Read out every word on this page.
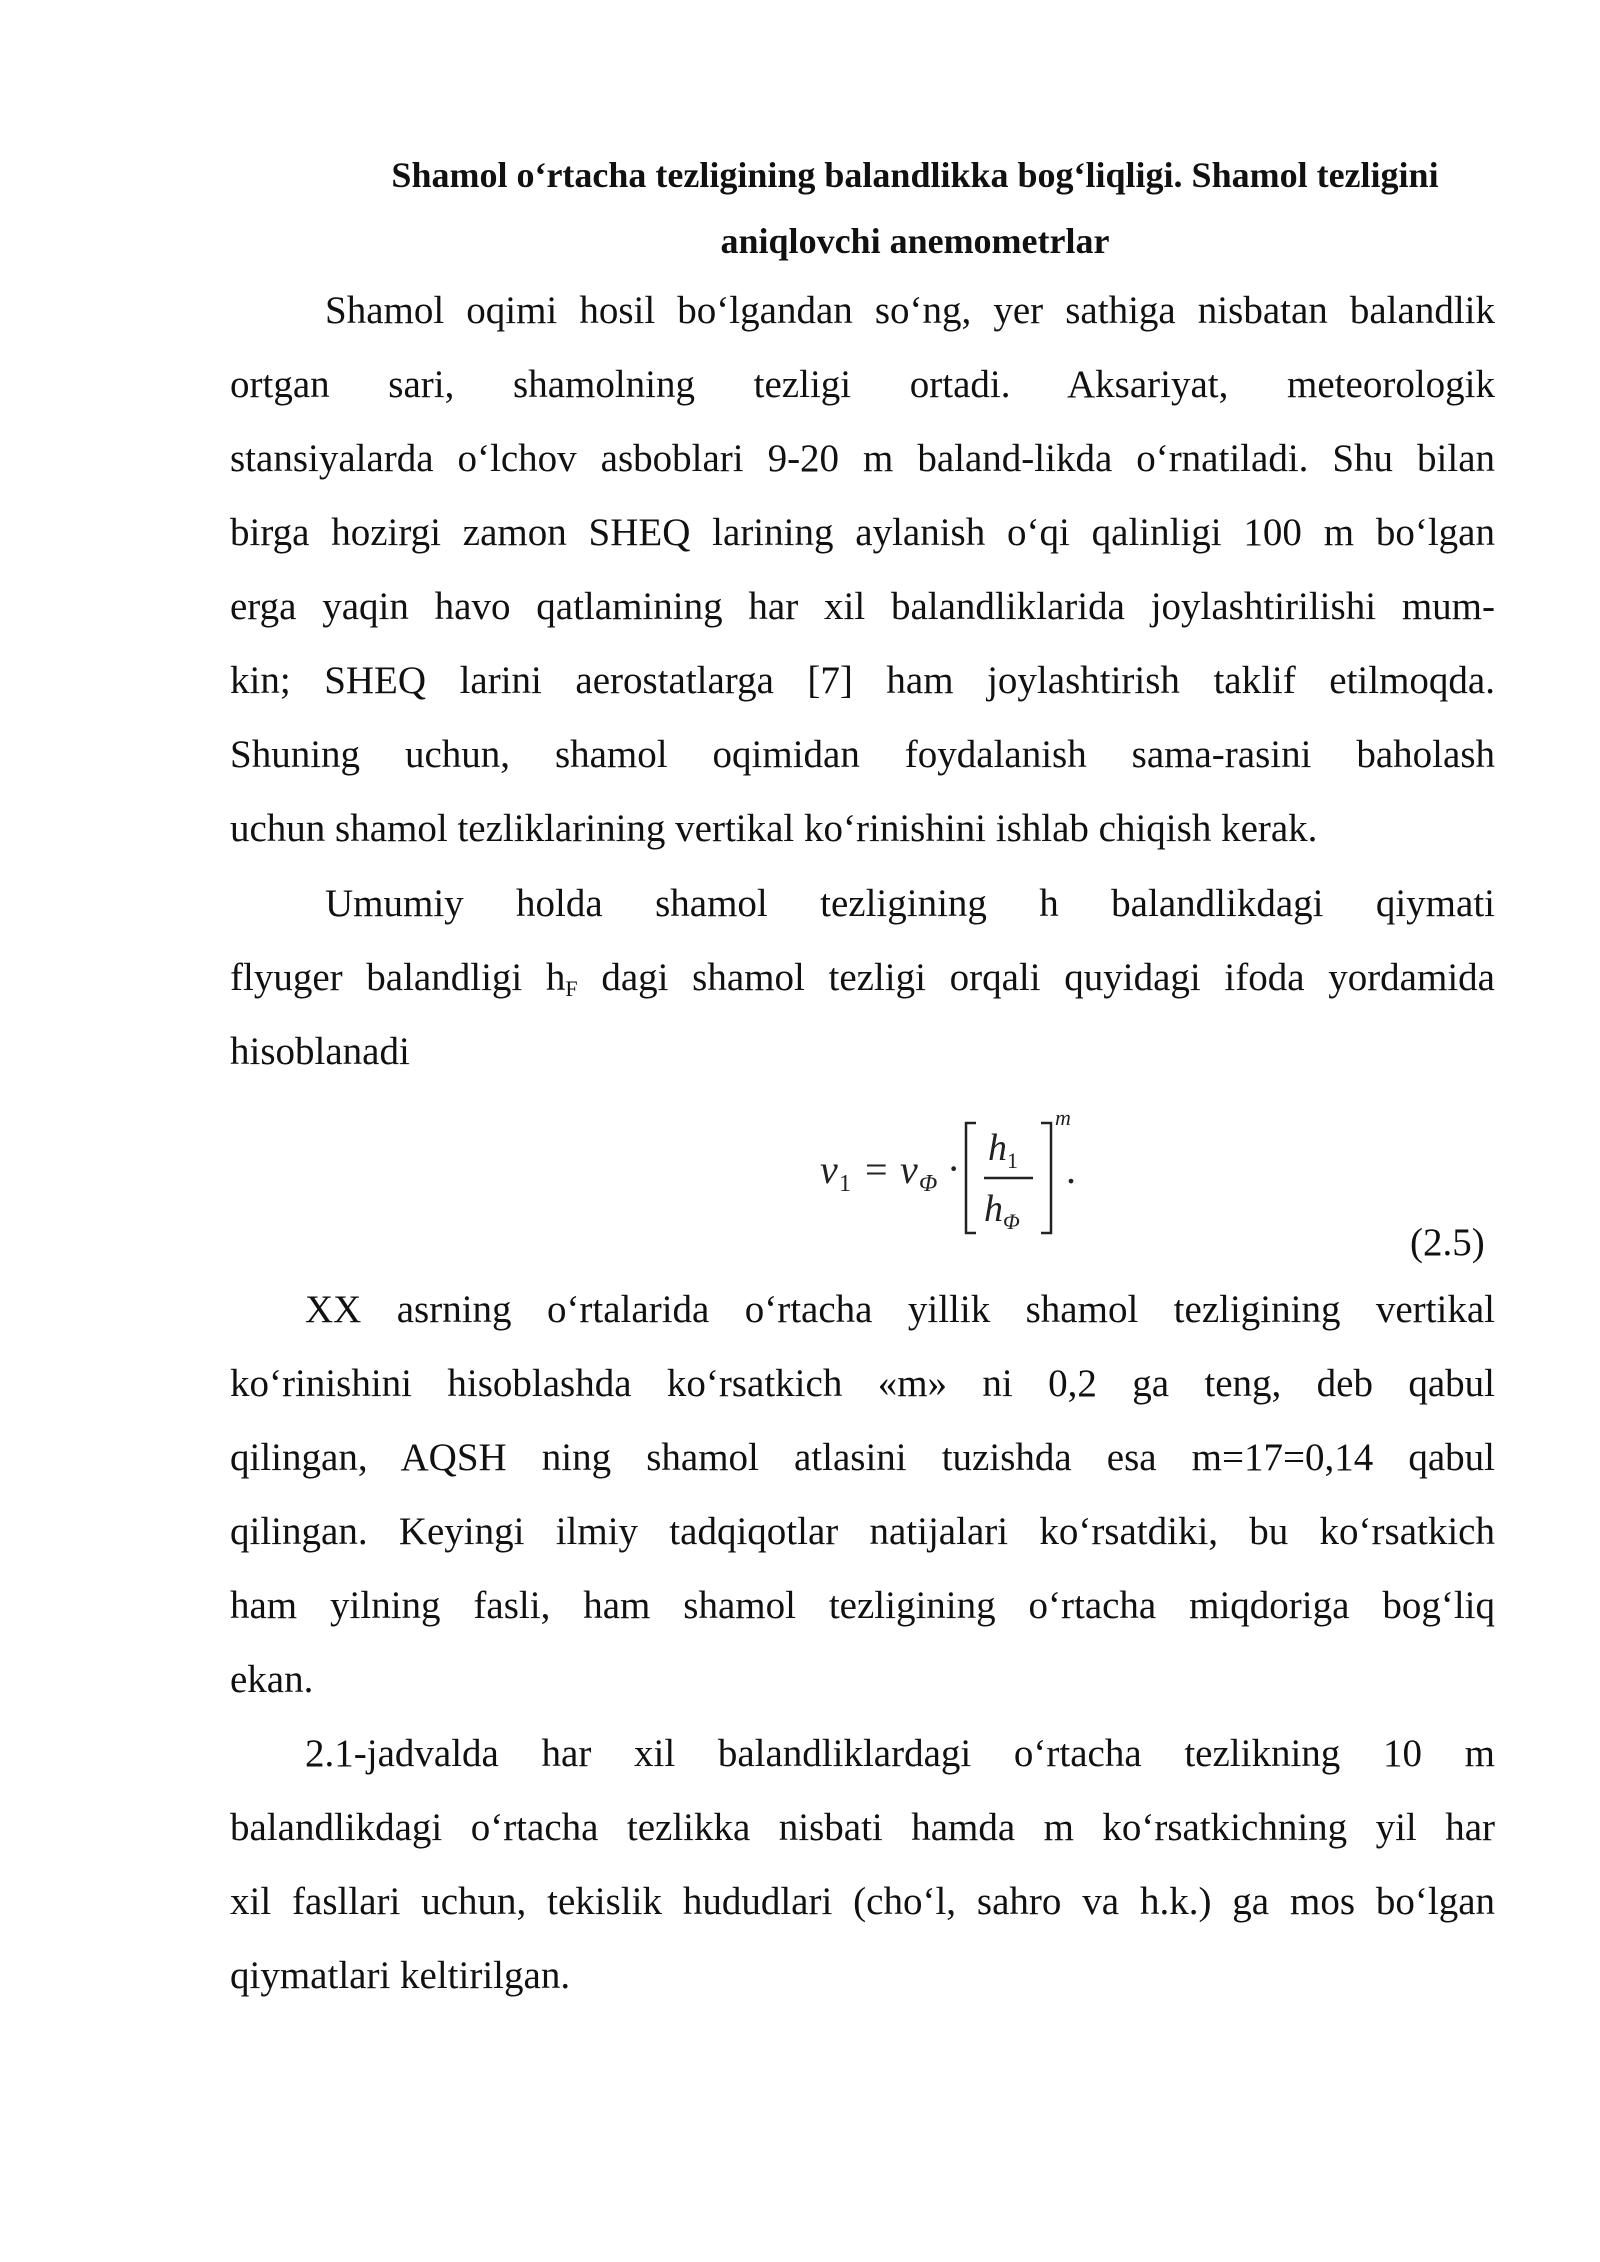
Shamol o‘rtacha tezligining balandlikka bog‘liqligi. Shamol tezligini
aniqlovchi anemometrlar
Shamol oqimi hosil bo‘lgandan so‘ng, yer sathiga nisbatan balandlik
ortgan sari, shamolning tezligi ortadi. Aksariyat, meteorologik
stansiyalarda o‘lchov asboblari 9-20 m baland-likda o‘rnatiladi. Shu bilan
birga hozirgi zamon SHEQ larining aylanish o‘qi qalinligi 100 m bo‘lgan
erga yaqin havo qatlamining har xil balandliklarida joylashtirilishi mum-
kin; SHEQ larini aerostatlarga [7] ham joylashtirish taklif etilmoqda.
Shuning uchun, shamol oqimidan foydalanish sama-rasini baholash
uchun shamol tezliklarining vertikal ko‘rinishini ishlab chiqish kerak.
Umumiy holda shamol tezligining h balandlikdagi qiymati
flyuger balandligi $h_F$ dagi shamol tezligi orqali quyidagi ifoda yordamida
hisoblanadi
v 1 = v Φ · h 1
h Φ
m
.
(2.5)
XX asrning o‘rtalarida o‘rtacha yillik shamol tezligining vertikal
ko‘rinishini hisoblashda ko‘rsatkich «m» ni 0,2 ga teng, deb qabul
qilingan, AQSH ning shamol atlasini tuzishda esa m=17=0,14 qabul
qilingan. Keyingi ilmiy tadqiqotlar natijalari ko‘rsatdiki, bu ko‘rsatkich
ham yilning fasli, ham shamol tezligining o‘rtacha miqdoriga bog‘liq
ekan.
2.1-jadvalda har xil balandliklardagi o‘rtacha tezlikning 10 m
balandlikdagi o‘rtacha tezlikka nisbati hamda m ko‘rsatkichning yil har
xil fasllari uchun, tekislik hududlari (cho‘l, sahro va h.k.) ga mos bo‘lgan
qiymatlari keltirilgan.
